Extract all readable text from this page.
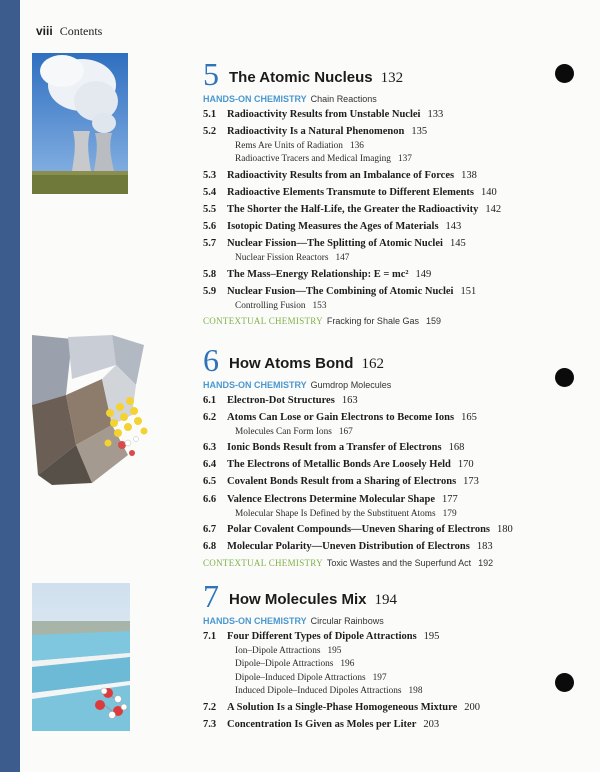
viii Contents
5 The Atomic Nucleus 132
HANDS-ON CHEMISTRY Chain Reactions
5.1 Radioactivity Results from Unstable Nuclei 133
5.2 Radioactivity Is a Natural Phenomenon 135
Rems Are Units of Radiation 136
Radioactive Tracers and Medical Imaging 137
5.3 Radioactivity Results from an Imbalance of Forces 138
5.4 Radioactive Elements Transmute to Different Elements 140
5.5 The Shorter the Half-Life, the Greater the Radioactivity 142
5.6 Isotopic Dating Measures the Ages of Materials 143
5.7 Nuclear Fission—The Splitting of Atomic Nuclei 145
Nuclear Fission Reactors 147
5.8 The Mass–Energy Relationship: E = mc² 149
5.9 Nuclear Fusion—The Combining of Atomic Nuclei 151
Controlling Fusion 153
CONTEXTUAL CHEMISTRY Fracking for Shale Gas 159
6 How Atoms Bond 162
HANDS-ON CHEMISTRY Gumdrop Molecules
6.1 Electron-Dot Structures 163
6.2 Atoms Can Lose or Gain Electrons to Become Ions 165
Molecules Can Form Ions 167
6.3 Ionic Bonds Result from a Transfer of Electrons 168
6.4 The Electrons of Metallic Bonds Are Loosely Held 170
6.5 Covalent Bonds Result from a Sharing of Electrons 173
6.6 Valence Electrons Determine Molecular Shape 177
Molecular Shape Is Defined by the Substituent Atoms 179
6.7 Polar Covalent Compounds—Uneven Sharing of Electrons 180
6.8 Molecular Polarity—Uneven Distribution of Electrons 183
CONTEXTUAL CHEMISTRY Toxic Wastes and the Superfund Act 192
7 How Molecules Mix 194
HANDS-ON CHEMISTRY Circular Rainbows
7.1 Four Different Types of Dipole Attractions 195
Ion–Dipole Attractions 195
Dipole–Dipole Attractions 196
Dipole–Induced Dipole Attractions 197
Induced Dipole–Induced Dipoles Attractions 198
7.2 A Solution Is a Single-Phase Homogeneous Mixture 200
7.3 Concentration Is Given as Moles per Liter 203
